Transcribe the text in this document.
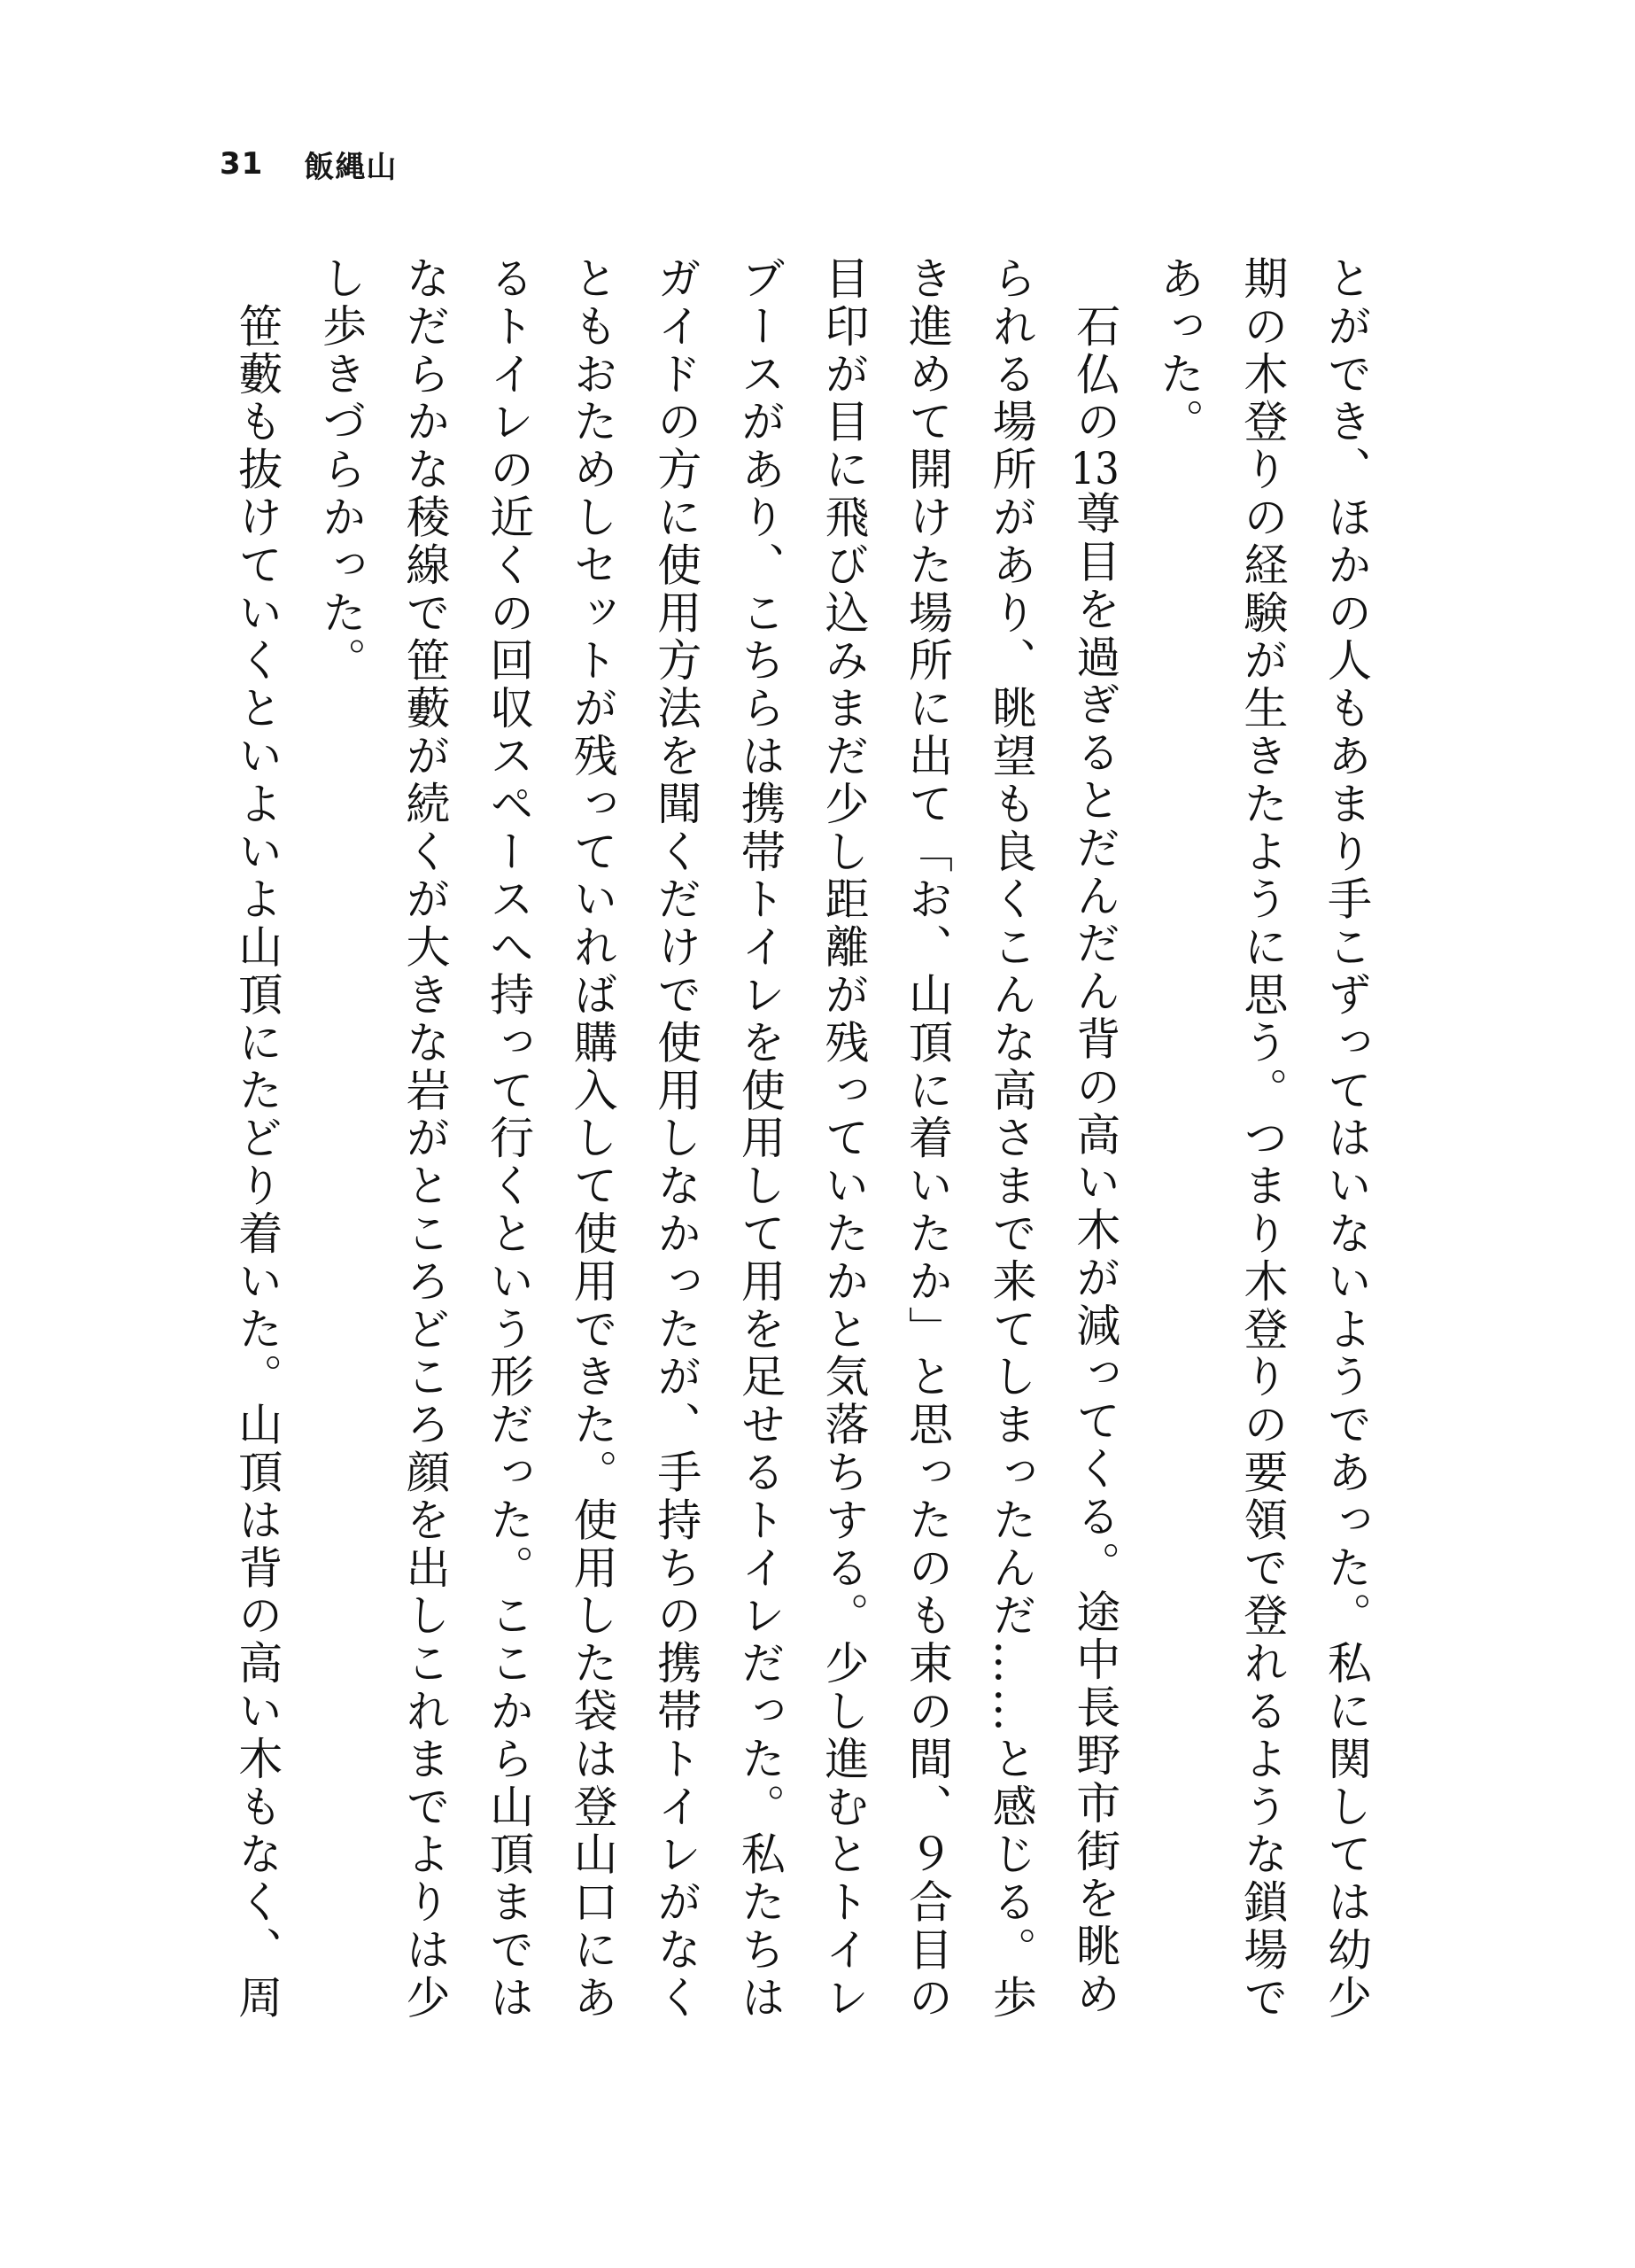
31 飯縄山
とができ、ほかの人もあまり手こずってはいないようであった。私に関しては幼少
期の木登りの経験が生きたように思う。つまり木登りの要領で登れるような鎖場で
あった。
　石仏の13尊目を過ぎるとだんだん背の高い木が減ってくる。途中長野市街を眺め
られる場所があり、眺望も良くこんな高さまで来てしまったんだ……と感じる。歩
き進めて開けた場所に出て「お、山頂に着いたか」と思ったのも束の間、９合目の
目印が目に飛び込みまだ少し距離が残っていたかと気落ちする。少し進むとトイレ
ブースがあり、こちらは携帯トイレを使用して用を足せるトイレだった。私たちは
ガイドの方に使用方法を聞くだけで使用しなかったが、手持ちの携帯トイレがなく
ともおためしセットが残っていれば購入して使用できた。使用した袋は登山口にあ
るトイレの近くの回収スペースへ持って行くという形だった。ここから山頂までは
なだらかな稜線で笹藪が続くが大きな岩がところどころ顔を出しこれまでよりは少
し歩きづらかった。
　笹藪も抜けていくといよいよ山頂にたどり着いた。山頂は背の高い木もなく、周
